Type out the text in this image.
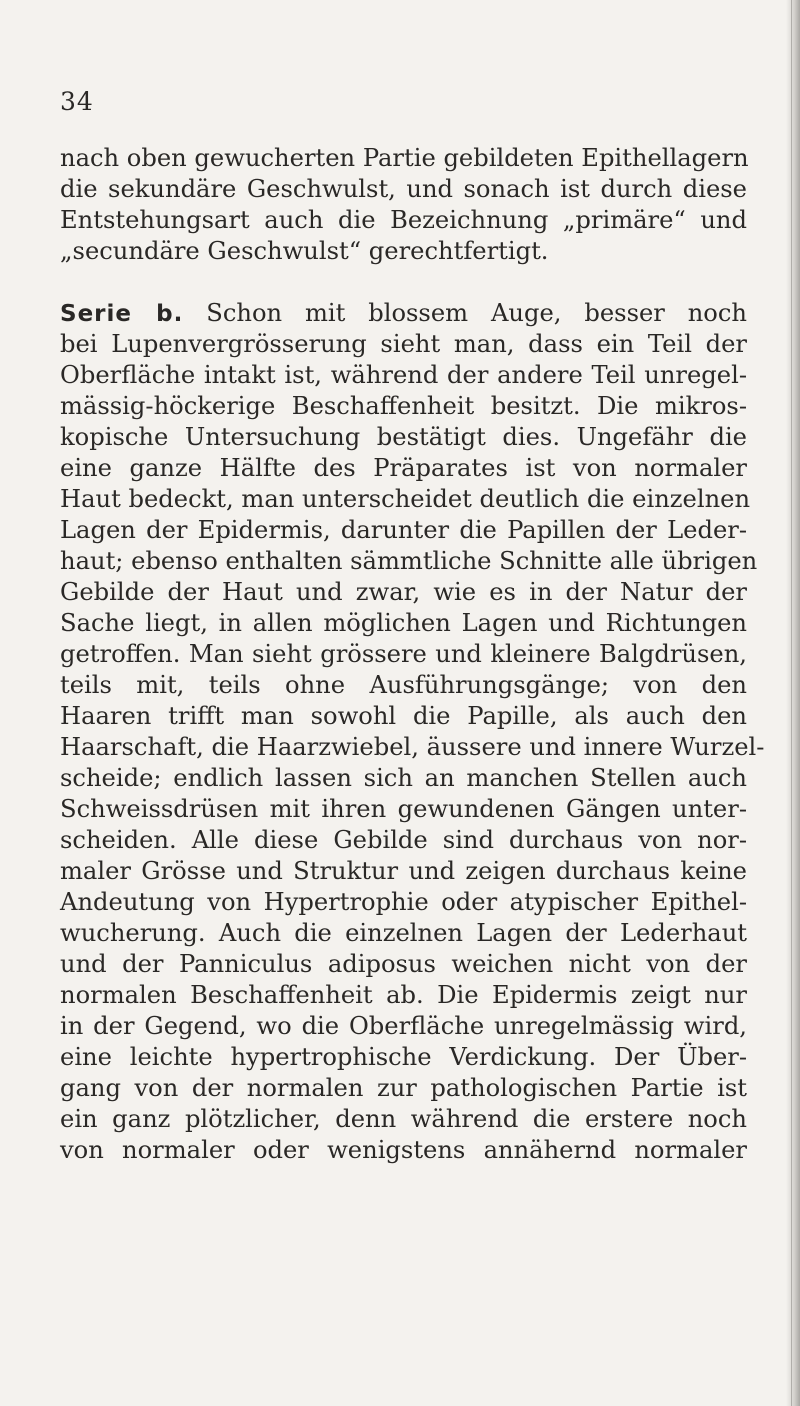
34
nach oben gewucherten Partie gebildeten Epithellagern
die sekundäre Geschwulst, und sonach ist durch diese
Entstehungsart auch die Bezeichnung „primäre“ und
„secundäre Geschwulst“ gerechtfertigt.
Serie b. Schon mit blossem Auge, besser noch
bei Lupenvergrösserung sieht man, dass ein Teil der
Oberfläche intakt ist, während der andere Teil unregel-
mässig-höckerige Beschaffenheit besitzt. Die mikros-
kopische Untersuchung bestätigt dies. Ungefähr die
eine ganze Hälfte des Präparates ist von normaler
Haut bedeckt, man unterscheidet deutlich die einzelnen
Lagen der Epidermis, darunter die Papillen der Leder-
haut; ebenso enthalten sämmtliche Schnitte alle übrigen
Gebilde der Haut und zwar, wie es in der Natur der
Sache liegt, in allen möglichen Lagen und Richtungen
getroffen. Man sieht grössere und kleinere Balgdrüsen,
teils mit, teils ohne Ausführungsgänge; von den
Haaren trifft man sowohl die Papille, als auch den
Haarschaft, die Haarzwiebel, äussere und innere Wurzel-
scheide; endlich lassen sich an manchen Stellen auch
Schweissdrüsen mit ihren gewundenen Gängen unter-
scheiden. Alle diese Gebilde sind durchaus von nor-
maler Grösse und Struktur und zeigen durchaus keine
Andeutung von Hypertrophie oder atypischer Epithel-
wucherung. Auch die einzelnen Lagen der Lederhaut
und der Panniculus adiposus weichen nicht von der
normalen Beschaffenheit ab. Die Epidermis zeigt nur
in der Gegend, wo die Oberfläche unregelmässig wird,
eine leichte hypertrophische Verdickung. Der Über-
gang von der normalen zur pathologischen Partie ist
ein ganz plötzlicher, denn während die erstere noch
von normaler oder wenigstens annähernd normaler
